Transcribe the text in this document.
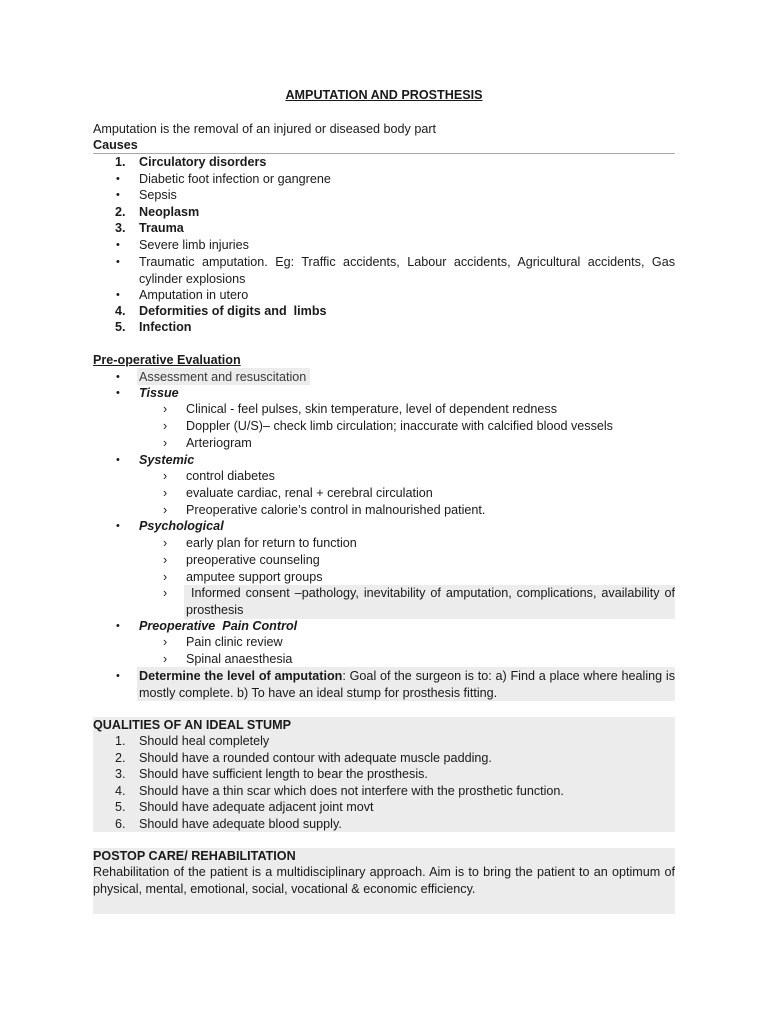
AMPUTATION AND PROSTHESIS
Amputation is the removal of an injured or diseased body part
Causes
1. Circulatory disorders
• Diabetic foot infection or gangrene
• Sepsis
2. Neoplasm
3. Trauma
• Severe limb injuries
• Traumatic amputation. Eg: Traffic accidents, Labour accidents, Agricultural accidents, Gas cylinder explosions
• Amputation in utero
4. Deformities of digits and  limbs
5. Infection
Pre-operative Evaluation
• Assessment and resuscitation
• Tissue
› Clinical - feel pulses, skin temperature, level of dependent redness
› Doppler (U/S)– check limb circulation; inaccurate with calcified blood vessels
› Arteriogram
• Systemic
› control diabetes
› evaluate cardiac, renal + cerebral circulation
› Preoperative calorie’s control in malnourished patient.
• Psychological
› early plan for return to function
› preoperative counseling
› amputee support groups
› Informed consent –pathology, inevitability of amputation, complications, availability of prosthesis
• Preoperative  Pain Control
› Pain clinic review
› Spinal anaesthesia
• Determine the level of amputation: Goal of the surgeon is to: a) Find a place where healing is mostly complete. b) To have an ideal stump for prosthesis fitting.
QUALITIES OF AN IDEAL STUMP
1. Should heal completely
2. Should have a rounded contour with adequate muscle padding.
3. Should have sufficient length to bear the prosthesis.
4. Should have a thin scar which does not interfere with the prosthetic function.
5. Should have adequate adjacent joint movt
6. Should have adequate blood supply.
POSTOP CARE/ REHABILITATION
Rehabilitation of the patient is a multidisciplinary approach. Aim is to bring the patient to an optimum of physical, mental, emotional, social, vocational & economic efficiency.
